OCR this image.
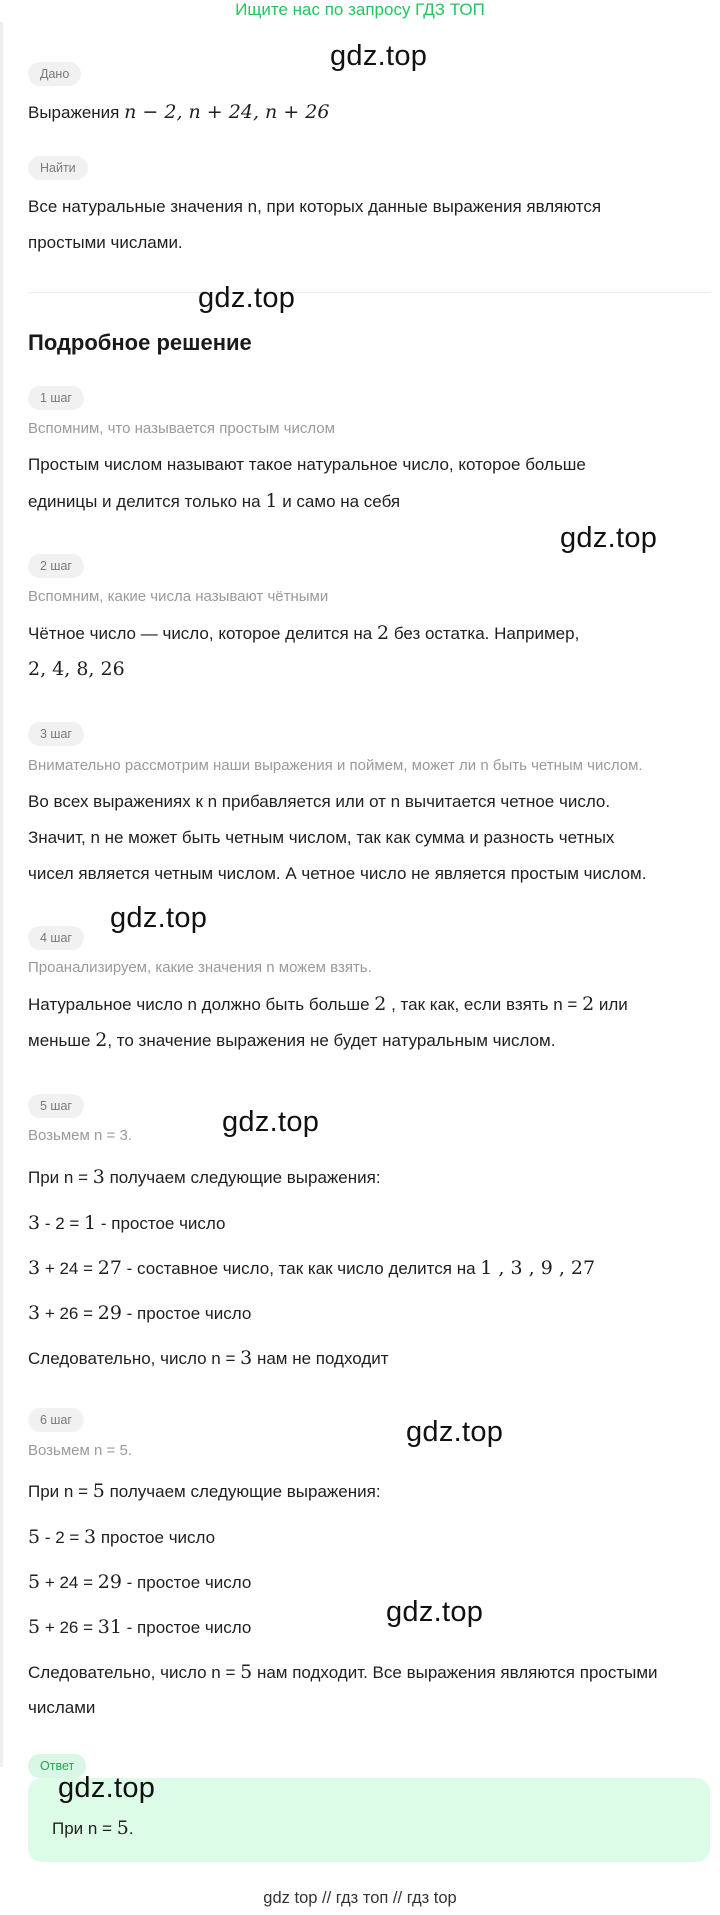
Ищите нас по запросу ГДЗ ТОП
Дано
Выражения n − 2, n + 24, n + 26
Найти
Все натуральные значения n, при которых данные выражения являются
простыми числами.
Подробное решение
1 шаг
Вспомним, что называется простым числом
Простым числом называют такое натуральное число, которое больше
единицы и делится только на 1 и само на себя
2 шаг
Вспомним, какие числа называют чётными
Чётное число — число, которое делится на 2 без остатка. Например,
2, 4, 8, 26
3 шаг
Внимательно рассмотрим наши выражения и поймем, может ли n быть четным числом.
Во всех выражениях к n прибавляется или от n вычитается четное число.
Значит, n не может быть четным числом, так как сумма и разность четных
чисел является четным числом. А четное число не является простым числом.
4 шаг
Проанализируем, какие значения n можем взять.
Натуральное число n должно быть больше 2 , так как, если взять n = 2 или
меньше 2, то значение выражения не будет натуральным числом.
5 шаг
Возьмем n = 3.
При n = 3 получаем следующие выражения:
3 - 2 = 1 - простое число
3 + 24 = 27 - составное число, так как число делится на 1 , 3 , 9 , 27
3 + 26 = 29 - простое число
Следовательно, число n = 3 нам не подходит
6 шаг
Возьмем n = 5.
При n = 5 получаем следующие выражения:
5 - 2 = 3 простое число
5 + 24 = 29 - простое число
5 + 26 = 31 - простое число
Следовательно, число n = 5 нам подходит. Все выражения являются простыми
числами
Ответ
При n = 5.
gdz.top
gdz.top
gdz.top
gdz.top
gdz.top
gdz.top
gdz.top
gdz.top
gdz top // гдз топ // гдз top
